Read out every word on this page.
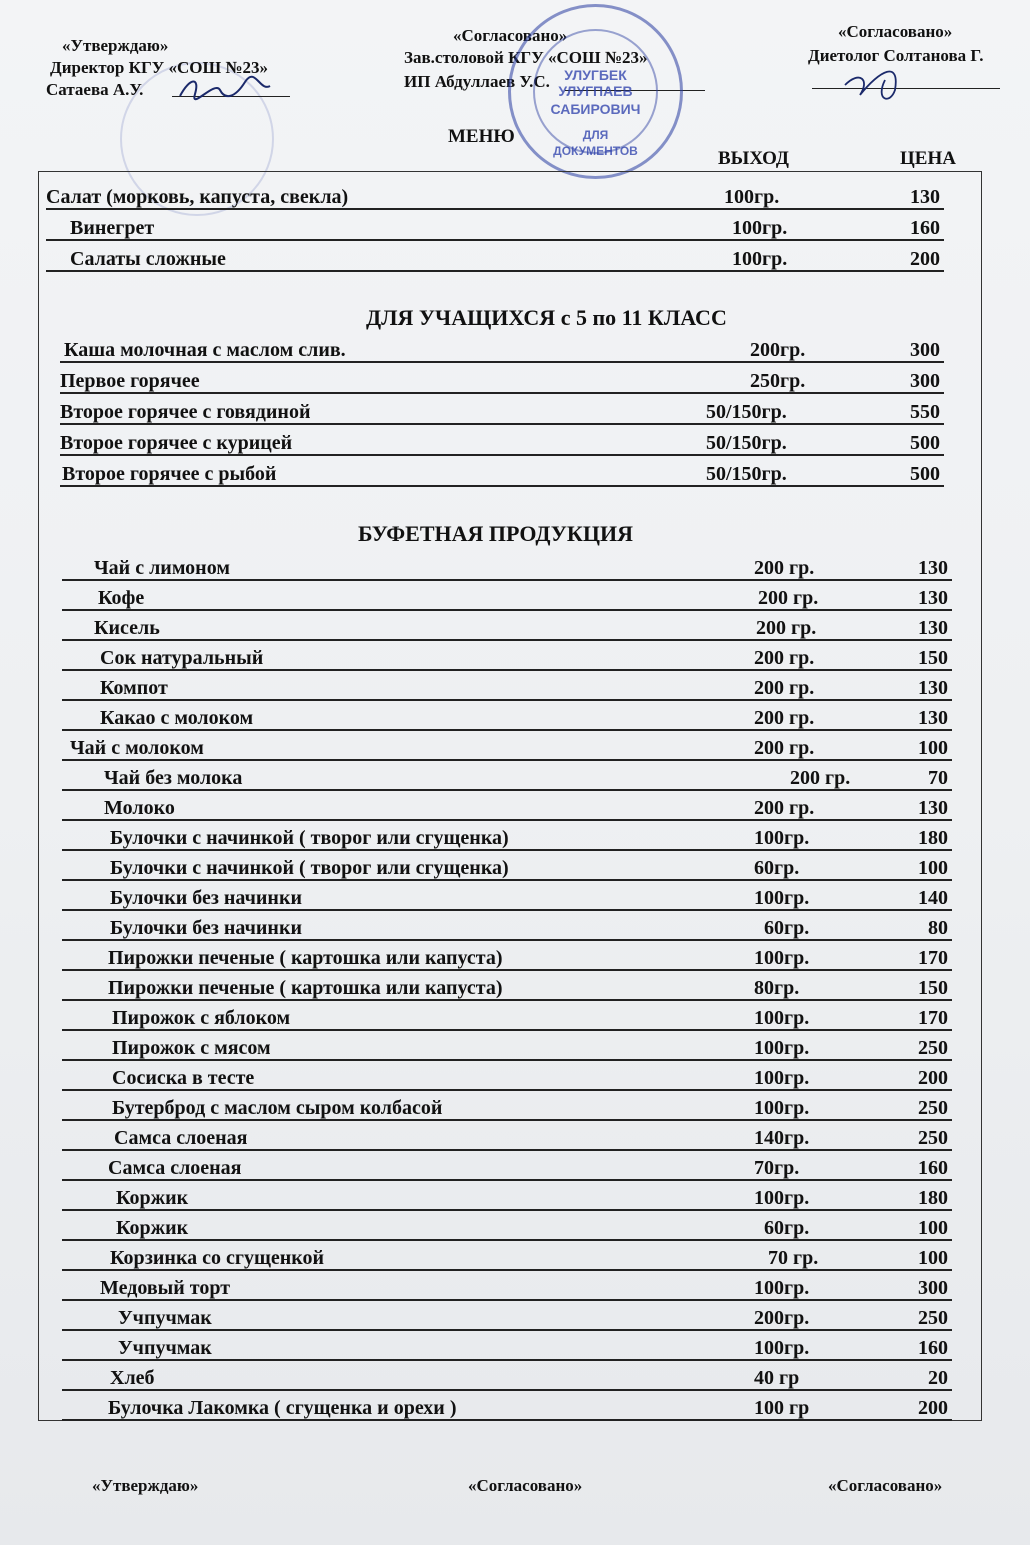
«Утверждаю»
Директор КГУ «СОШ №23»
Сатаева А.У.
«Согласовано»
Зав.столовой КГУ «СОШ №23»
ИП Абдуллаев У.С.
«Согласовано»
Диетолог Солтанова Г.
УЛУГБЕК
УЛУГПАЕВ
САБИРОВИЧ
ДЛЯ
ДОКУМЕНТОВ
МЕНЮ
ВЫХОД	ЦЕНА
Салат (морковь, капуста, свекла)	100гр.	130
Винегрет	100гр.	160
Салаты сложные	100гр.	200
ДЛЯ УЧАЩИХСЯ с 5 по 11 КЛАСС
Каша молочная с маслом слив.	200гр.	300
Первое горячее	250гр.	300
Второе горячее с говядиной	50/150гр.	550
Второе горячее с курицей	50/150гр.	500
Второе горячее с рыбой	50/150гр.	500
БУФЕТНАЯ ПРОДУКЦИЯ
Чай с лимоном	200 гр.	130
Кофе	200 гр.	130
Кисель	200 гр.	130
Сок натуральный	200 гр.	150
Компот	200 гр.	130
Какао с молоком	200 гр.	130
Чай с молоком	200 гр.	100
Чай без молока	200 гр.	70
Молоко	200 гр.	130
Булочки с начинкой ( творог или сгущенка)	100гр.	180
Булочки с начинкой ( творог или сгущенка)	60гр.	100
Булочки без начинки	100гр.	140
Булочки без начинки	60гр.	80
Пирожки печеные ( картошка или капуста)	100гр.	170
Пирожки печеные ( картошка или капуста)	80гр.	150
Пирожок с яблоком	100гр.	170
Пирожок с мясом	100гр.	250
Сосиска в тесте	100гр.	200
Бутерброд с маслом сыром колбасой	100гр.	250
Самса слоеная	140гр.	250
Самса слоеная	70гр.	160
Коржик	100гр.	180
Коржик	60гр.	100
Корзинка со сгущенкой	70 гр.	100
Медовый торт	100гр.	300
Учпучмак	200гр.	250
Учпучмак	100гр.	160
Хлеб	40 гр	20
Булочка Лакомка ( сгущенка и орехи )	100 гр	200
«Утверждаю»	«Согласовано»	«Согласовано»
